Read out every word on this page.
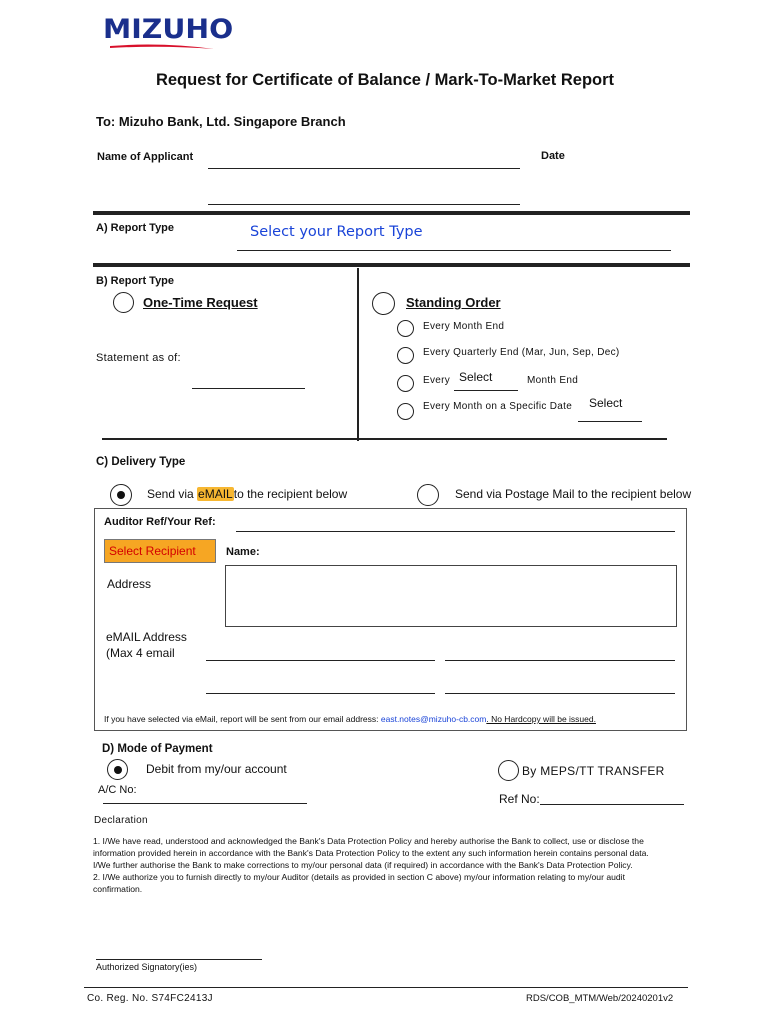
MIZUHO
Request for Certificate of Balance / Mark-To-Market Report
To: Mizuho Bank, Ltd. Singapore Branch
Name of Applicant	Date
A) Report Type	Select your Report Type
B) Report Type
One-Time Request
Statement as of:
Standing Order
Every Month End
Every Quarterly End (Mar, Jun, Sep, Dec)
Every Select	Month End
Every Month on a Specific Date Select
C) Delivery Type
Send via eMAILto the recipient below	Send via Postage Mail to the recipient below
Auditor Ref/Your Ref:
Select Recipient	Name:
Address
eMAIL Address
(Max 4 email
If you have selected via eMail, report will be sent from our email address: east.notes@mizuho-cb.com. No Hardcopy will be issued.
D) Mode of Payment
Debit from my/our account	By MEPS/TT TRANSFER
A/C No:
Ref No:
Declaration
1. I/We have read, understood and acknowledged the Bank's Data Protection Policy and hereby authorise the Bank to collect, use or disclose the information provided herein in accordance with the Bank's Data Protection Policy to the extent any such information herein contains personal data. I/We further authorise the Bank to make corrections to my/our personal data (if required) in accordance with the Bank's Data Protection Policy.
2. I/We authorize you to furnish directly to my/our Auditor (details as provided in section C above) my/our information relating to my/our audit confirmation.
Authorized Signatory(ies)
Co. Reg. No. S74FC2413J	RDS/COB_MTM/Web/20240201v2
